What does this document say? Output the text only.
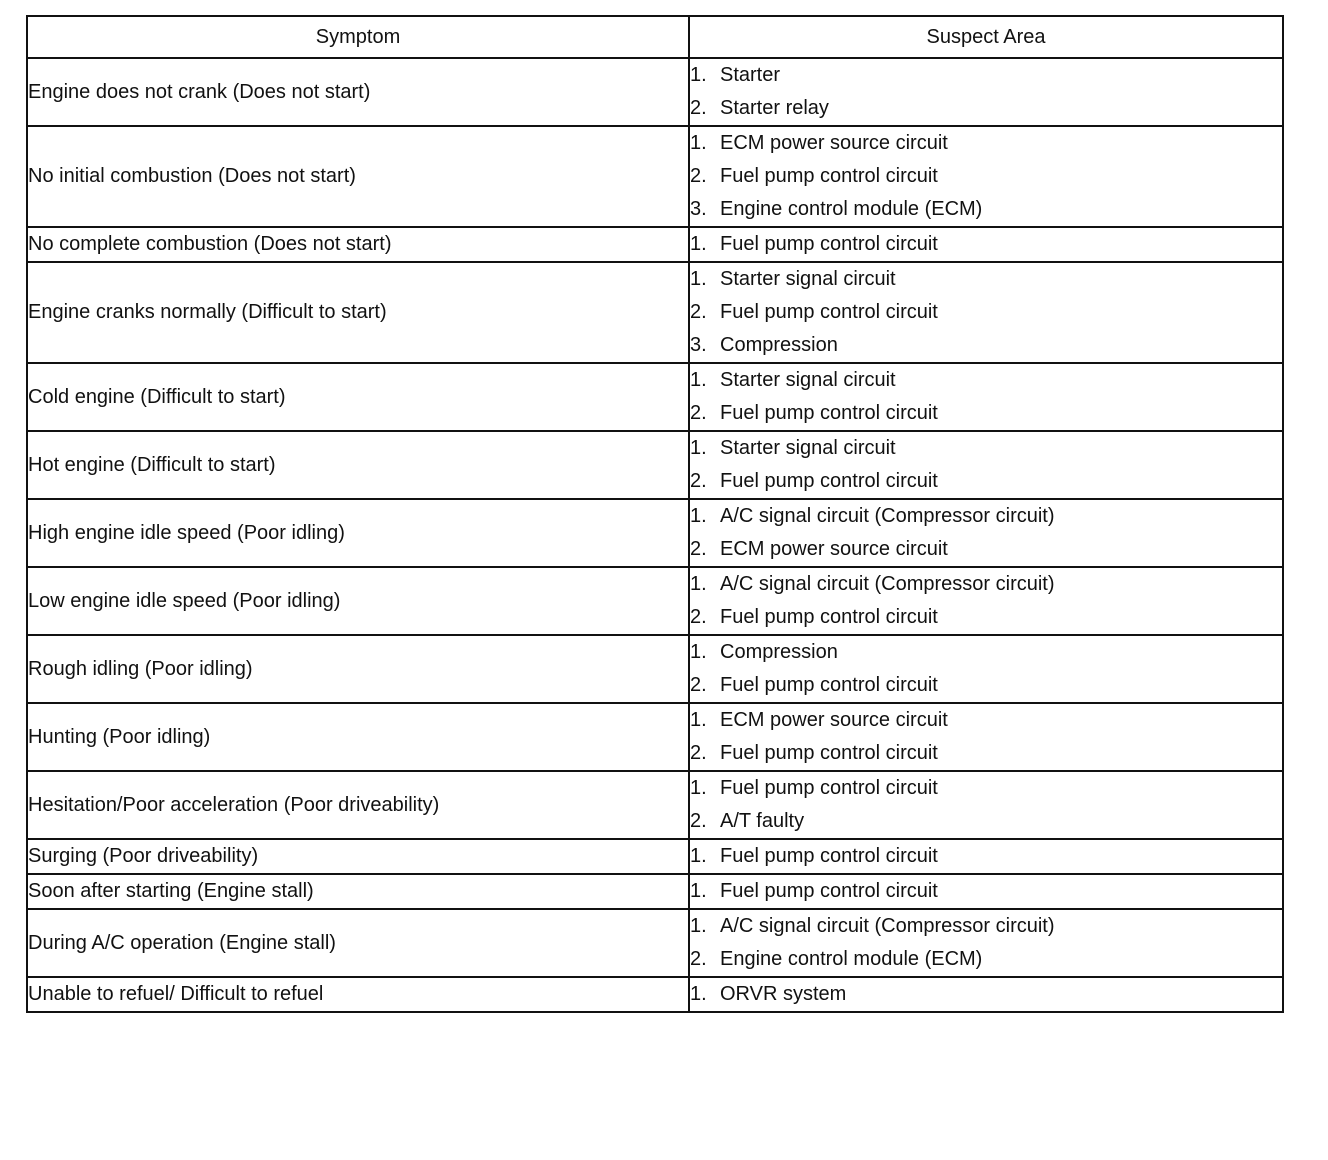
Symptom	Suspect Area
Engine does not crank (Does not start)	1. Starter
2. Starter relay

No initial combustion (Does not start)	1. ECM power source circuit
2. Fuel pump control circuit
3. Engine control module (ECM)

No complete combustion (Does not start)	1. Fuel pump control circuit

Engine cranks normally (Difficult to start)	1. Starter signal circuit
2. Fuel pump control circuit
3. Compression

Cold engine (Difficult to start)	1. Starter signal circuit
2. Fuel pump control circuit

Hot engine (Difficult to start)	1. Starter signal circuit
2. Fuel pump control circuit

High engine idle speed (Poor idling)	1. A/C signal circuit (Compressor circuit)
2. ECM power source circuit

Low engine idle speed (Poor idling)	1. A/C signal circuit (Compressor circuit)
2. Fuel pump control circuit

Rough idling (Poor idling)	1. Compression
2. Fuel pump control circuit

Hunting (Poor idling)	1. ECM power source circuit
2. Fuel pump control circuit

Hesitation/Poor acceleration (Poor driveability)	1. Fuel pump control circuit
2. A/T faulty

Surging (Poor driveability)	1. Fuel pump control circuit

Soon after starting (Engine stall)	1. Fuel pump control circuit

During A/C operation (Engine stall)	1. A/C signal circuit (Compressor circuit)
2. Engine control module (ECM)

Unable to refuel/ Difficult to refuel	1. ORVR system
